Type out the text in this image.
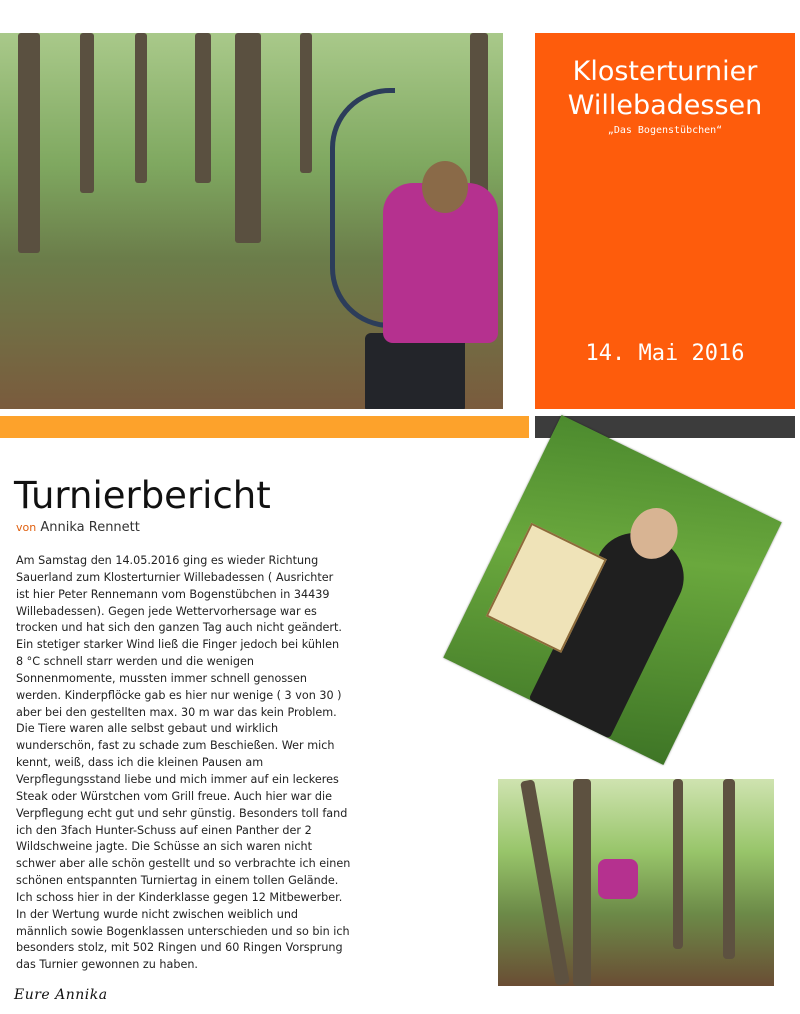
Klosterturnier
Willebadessen
„Das Bogenstübchen“
14. Mai 2016
Turnierbericht
von Annika Rennett
Am Samstag den 14.05.2016 ging es wieder Richtung
Sauerland zum Klosterturnier Willebadessen ( Ausrichter
ist hier Peter Rennemann vom Bogenstübchen in 34439
Willebadessen). Gegen jede Wettervorhersage war es
trocken und hat sich den ganzen Tag auch nicht geändert.
Ein stetiger starker Wind ließ die Finger jedoch bei kühlen
8 °C schnell starr werden und die wenigen
Sonnenmomente, mussten immer schnell genossen
werden. Kinderpflöcke gab es hier nur wenige ( 3 von 30 )
aber bei den gestellten max. 30 m war das kein Problem.
Die Tiere waren alle selbst gebaut und wirklich
wunderschön, fast zu schade zum Beschießen. Wer mich
kennt, weiß, dass ich die kleinen Pausen am
Verpflegungsstand liebe und mich immer auf ein leckeres
Steak oder Würstchen vom Grill freue. Auch hier war die
Verpflegung echt gut und sehr günstig. Besonders toll fand
ich den 3fach Hunter-Schuss auf einen Panther der 2
Wildschweine jagte. Die Schüsse an sich waren nicht
schwer aber alle schön gestellt und so verbrachte ich einen
schönen entspannten Turniertag in einem tollen Gelände.
Ich schoss hier in der Kinderklasse gegen 12 Mitbewerber.
In der Wertung wurde nicht zwischen weiblich und
männlich sowie Bogenklassen unterschieden und so bin ich
besonders stolz, mit 502 Ringen und 60 Ringen Vorsprung
das Turnier gewonnen zu haben.
Eure Annika
